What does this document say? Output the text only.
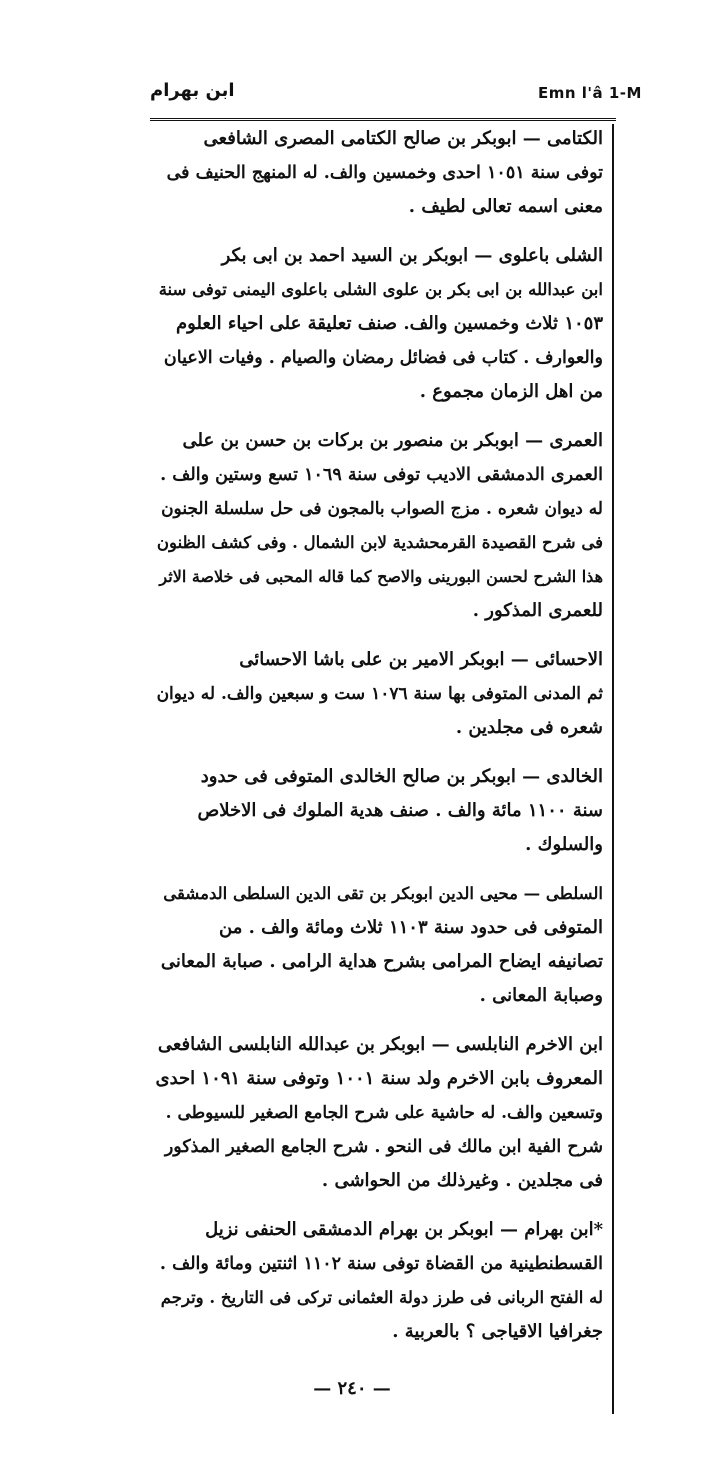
Emn l'â 1-M
ابن بهرام
الكتامى — ابوبكر بن صالح الكتامى المصرى الشافعى
توفى سنة ١٠٥١ احدى وخمسين والف. له المنهج الحنيف فى
معنى اسمه تعالى لطيف .
الشلى باعلوى — ابوبكر بن السيد احمد بن ابى بكر
ابن عبدالله بن ابى بكر بن علوى الشلى باعلوى اليمنى توفى سنة
١٠٥٣ ثلاث وخمسين والف. صنف تعليقة على احياء العلوم
والعوارف . كتاب فى فضائل رمضان والصيام . وفيات الاعيان
من اهل الزمان مجموع .
العمرى — ابوبكر بن منصور بن بركات بن حسن بن على
العمرى الدمشقى الاديب توفى سنة ١٠٦٩ تسع وستين والف .
له ديوان شعره . مزج الصواب بالمجون فى حل سلسلة الجنون
فى شرح القصيدة القرمحشدية لابن الشمال . وفى كشف الظنون
هذا الشرح لحسن البورينى والاصح كما قاله المحبى فى خلاصة الاثر
للعمرى المذكور .
الاحسائى — ابوبكر الامير بن على باشا الاحسائى
ثم المدنى المتوفى بها سنة ١٠٧٦ ست و سبعين والف. له ديوان
شعره فى مجلدين .
الخالدى — ابوبكر بن صالح الخالدى المتوفى فى حدود
سنة ١١٠٠ مائة والف . صنف هدية الملوك فى الاخلاص
والسلوك .
السلطى — محيى الدين ابوبكر بن تقى الدين السلطى الدمشقى
المتوفى فى حدود سنة ١١٠٣ ثلاث ومائة والف . من
تصانيفه ايضاح المرامى بشرح هداية الرامى . صبابة المعانى
وصبابة المعانى .
ابن الاخرم النابلسى — ابوبكر بن عبدالله النابلسى الشافعى
المعروف بابن الاخرم ولد سنة ١٠٠١ وتوفى سنة ١٠٩١ احدى
وتسعين والف. له حاشية على شرح الجامع الصغير للسيوطى .
شرح الفية ابن مالك فى النحو . شرح الجامع الصغير المذكور
فى مجلدين . وغيرذلك من الحواشى .
*ابن بهرام — ابوبكر بن بهرام الدمشقى الحنفى نزيل
القسطنطينية من القضاة توفى سنة ١١٠٢ اثنتين ومائة والف .
له الفتح الربانى فى طرز دولة العثمانى تركى فى التاريخ . وترجم
جغرافيا الاقياجى ؟ بالعربية .
— ٢٤٠ —
